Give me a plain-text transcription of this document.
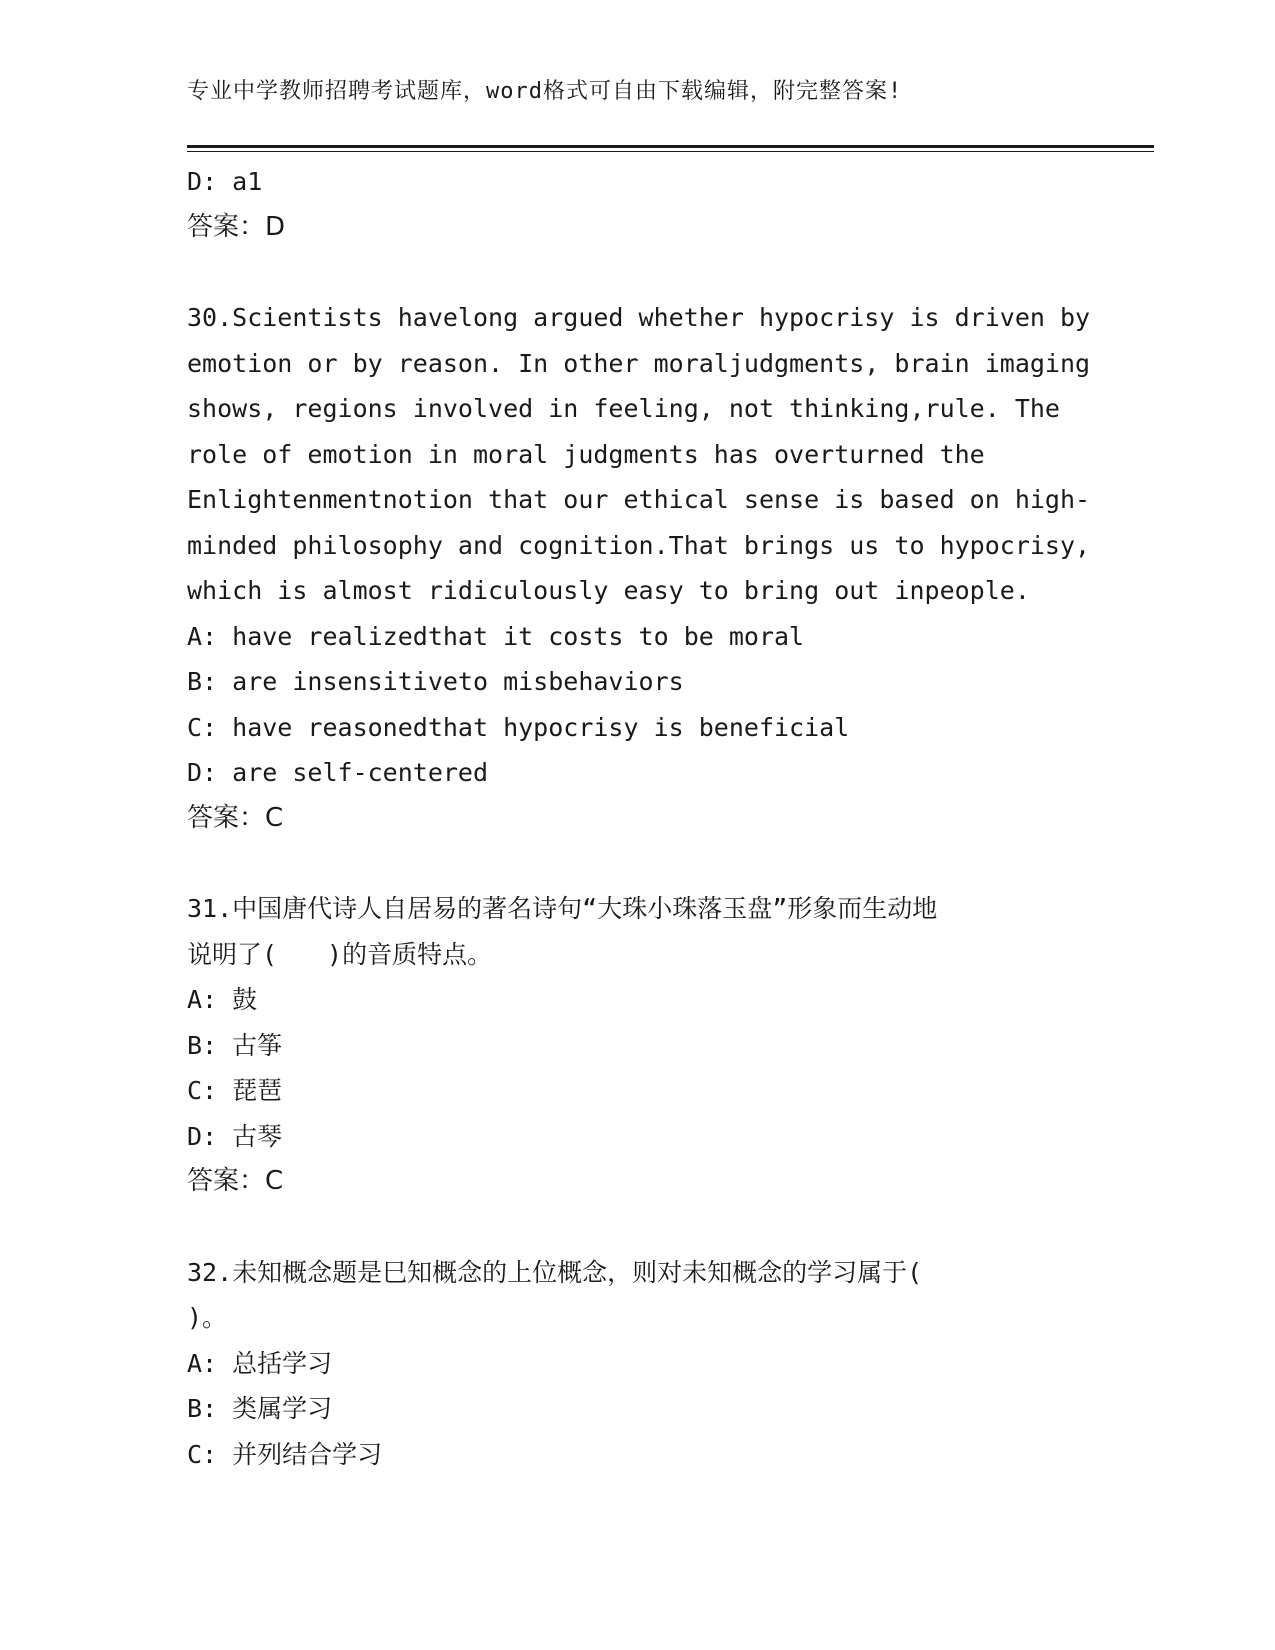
专业中学教师招聘考试题库，word格式可自由下载编辑，附完整答案!
D: a1
答案：D
30.Scientists havelong argued whether hypocrisy is driven by
emotion or by reason. In other moraljudgments, brain imaging
shows, regions involved in feeling, not thinking,rule. The
role of emotion in moral judgments has overturned the
Enlightenmentnotion that our ethical sense is based on high-
minded philosophy and cognition.That brings us to hypocrisy,
which is almost ridiculously easy to bring out inpeople.
A: have realizedthat it costs to be moral
B: are insensitiveto misbehaviors
C: have reasonedthat hypocrisy is beneficial
D: are self-centered
答案：C
31.中国唐代诗人自居易的著名诗句“大珠小珠落玉盘”形象而生动地
说明了(　　)的音质特点。
A: 鼓
B: 古筝
C: 琵琶
D: 古琴
答案：C
32.未知概念题是巳知概念的上位概念，则对未知概念的学习属于(
)。
A: 总括学习
B: 类属学习
C: 并列结合学习
